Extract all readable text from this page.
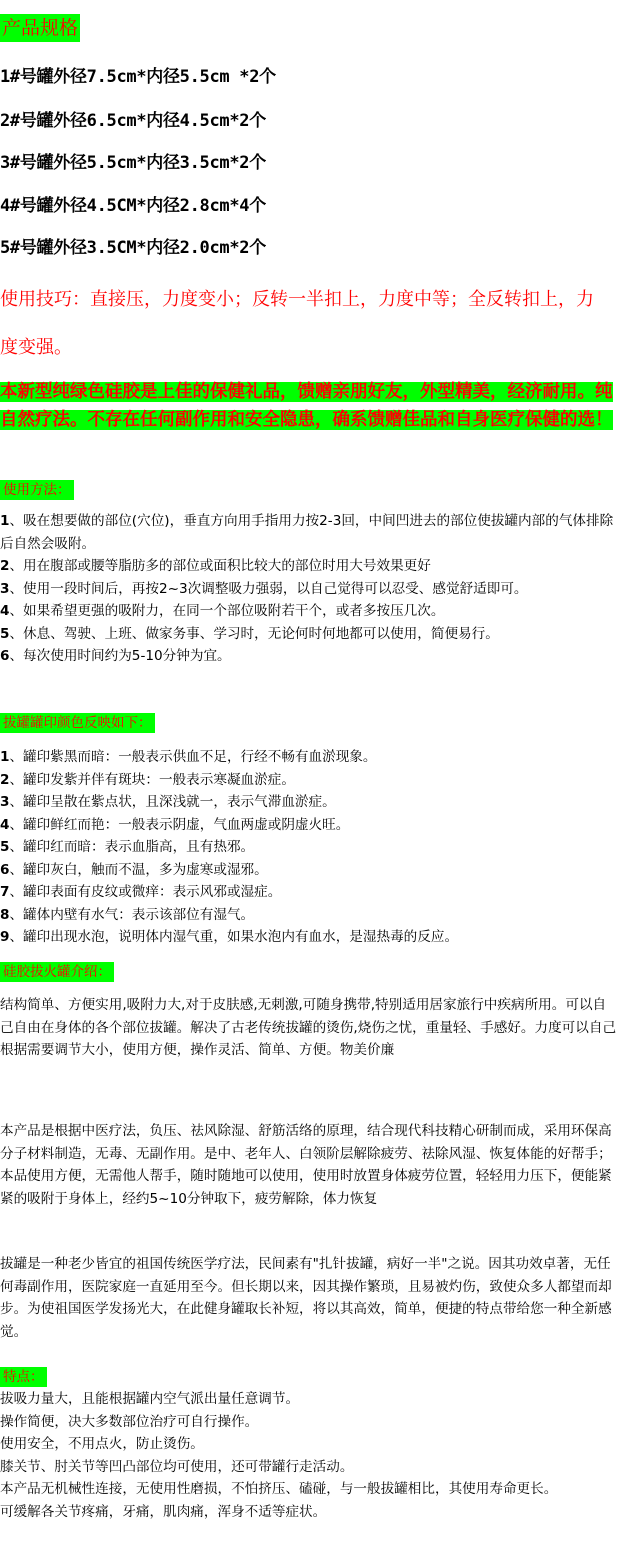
产品规格
1#号罐外径7.5cm*内径5.5cm *2个
2#号罐外径6.5cm*内径4.5cm*2个
3#号罐外径5.5cm*内径3.5cm*2个
4#号罐外径4.5CM*内径2.8cm*4个
5#号罐外径3.5CM*内径2.0cm*2个
使用技巧：直接压，力度变小；反转一半扣上，力度中等；全反转扣上，力度变强。
本新型纯绿色硅胶是上佳的保健礼品，馈赠亲朋好友，外型精美，经济耐用。纯自然疗法。不存在任何副作用和安全隐患，确系馈赠佳品和自身医疗保健的选！
使用方法：

1、吸在想要做的部位(穴位)，垂直方向用手指用力按2-3回，中间凹进去的部位使拔罐内部的气体排除后自然会吸附。

2、用在腹部或腰等脂肪多的部位或面积比较大的部位时用大号效果更好

3、使用一段时间后，再按2~3次调整吸力强弱，以自己觉得可以忍受、感觉舒适即可。

4、如果希望更强的吸附力，在同一个部位吸附若干个，或者多按压几次。

5、休息、驾驶、上班、做家务事、学习时，无论何时何地都可以使用，简便易行。

6、每次使用时间约为5-10分钟为宜。

拔罐罐印颜色反映如下：

1、罐印紫黑而暗：一般表示供血不足，行经不畅有血淤现象。

2、罐印发紫并伴有斑块：一般表示寒凝血淤症。

3、罐印呈散在紫点状，且深浅就一，表示气滞血淤症。

4、罐印鲜红而艳：一般表示阴虚，气血两虚或阴虚火旺。

5、罐印红而暗：表示血脂高，且有热邪。

6、罐印灰白，触而不温，多为虚寒或湿邪。

7、罐印表面有皮纹或微痒：表示风邪或湿症。

8、罐体内壁有水气：表示该部位有湿气。

9、罐印出现水泡，说明体内湿气重，如果水泡内有血水，是湿热毒的反应。

硅胶拔火罐介绍：
结构简单、方便实用,吸附力大,对于皮肤感,无刺激,可随身携带,特别适用居家旅行中疾病所用。可以自己自由在身体的各个部位拔罐。解决了古老传统拔罐的烫伤,烧伤之忧，重量轻、手感好。力度可以自己根据需要调节大小，使用方便，操作灵活、简单、方便。物美价廉
本产品是根据中医疗法，负压、祛风除湿、舒筋活络的原理，结合现代科技精心研制而成，采用环保高分子材料制造，无毒、无副作用。是中、老年人、白领阶层解除疲劳、祛除风湿、恢复体能的好帮手；本品使用方便，无需他人帮手，随时随地可以使用，使用时放置身体疲劳位置，轻轻用力压下，便能紧紧的吸附于身体上，经约5~10分钟取下，疲劳解除，体力恢复
拔罐是一种老少皆宜的祖国传统医学疗法，民间素有"扎针拔罐，病好一半"之说。因其功效卓著，无任何毒副作用，医院家庭一直延用至今。但长期以来，因其操作繁琐，且易被灼伤，致使众多人都望而却步。为使祖国医学发扬光大，在此健身罐取长补短，将以其高效，简单，便捷的特点带给您一种全新感觉。
特点：

拔吸力量大，且能根据罐内空气派出量任意调节。

操作简便，决大多数部位治疗可自行操作。

使用安全，不用点火，防止烫伤。

膝关节、肘关节等凹凸部位均可使用，还可带罐行走活动。

本产品无机械性连接，无使用性磨损，不怕挤压、磕碰，与一般拔罐相比，其使用寿命更长。

可缓解各关节疼痛，牙痛，肌肉痛，浑身不适等症状。
